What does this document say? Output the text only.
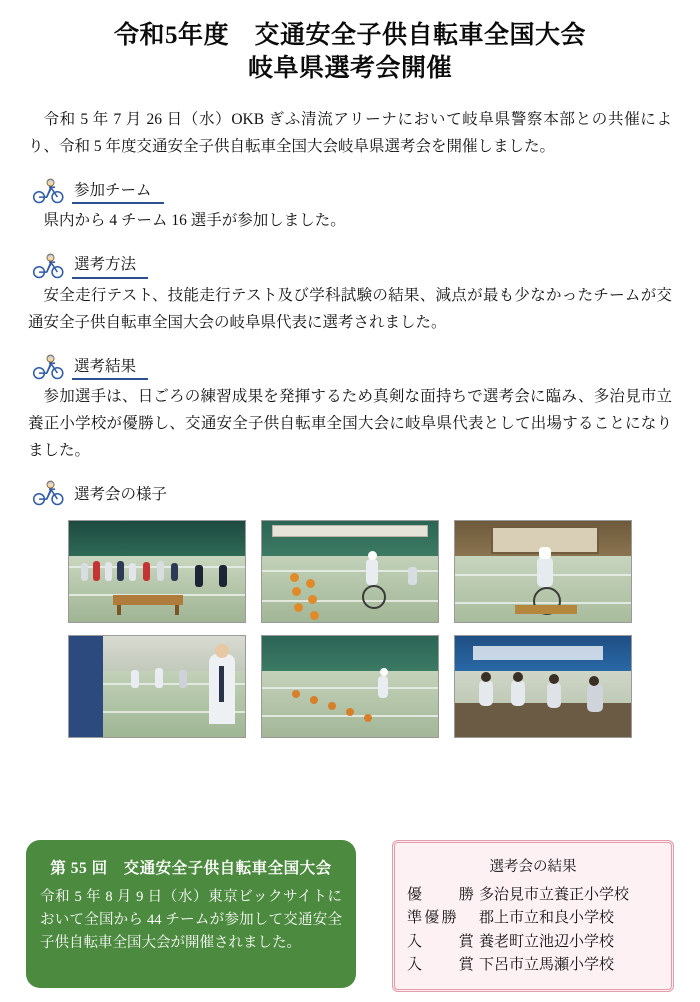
令和5年度　交通安全子供自転車全国大会
岐阜県選考会開催

令和 5 年 7 月 26 日（水）OKB ぎふ清流アリーナにおいて岐阜県警察本部との共催により、令和 5 年度交通安全子供自転車全国大会岐阜県選考会を開催しました。

参加チーム

県内から 4 チーム 16 選手が参加しました。

選考方法

安全走行テスト、技能走行テスト及び学科試験の結果、減点が最も少なかったチームが交通安全子供自転車全国大会の岐阜県代表に選考されました。

選考結果

参加選手は、日ごろの練習成果を発揮するため真剣な面持ちで選考会に臨み、多治見市立養正小学校が優勝し、交通安全子供自転車全国大会に岐阜県代表として出場することになりました。

選考会の様子
第 55 回　交通安全子供自転車全国大会
令和 5 年 8 月 9 日（水）東京ビックサイトにおいて全国から 44 チームが参加して交通安全子供自転車全国大会が開催されました。
選考会の結果
優　　勝 多治見市立養正小学校
準優勝	郡上市立和良小学校
入　　賞 養老町立池辺小学校
入　　賞 下呂市立馬瀬小学校
